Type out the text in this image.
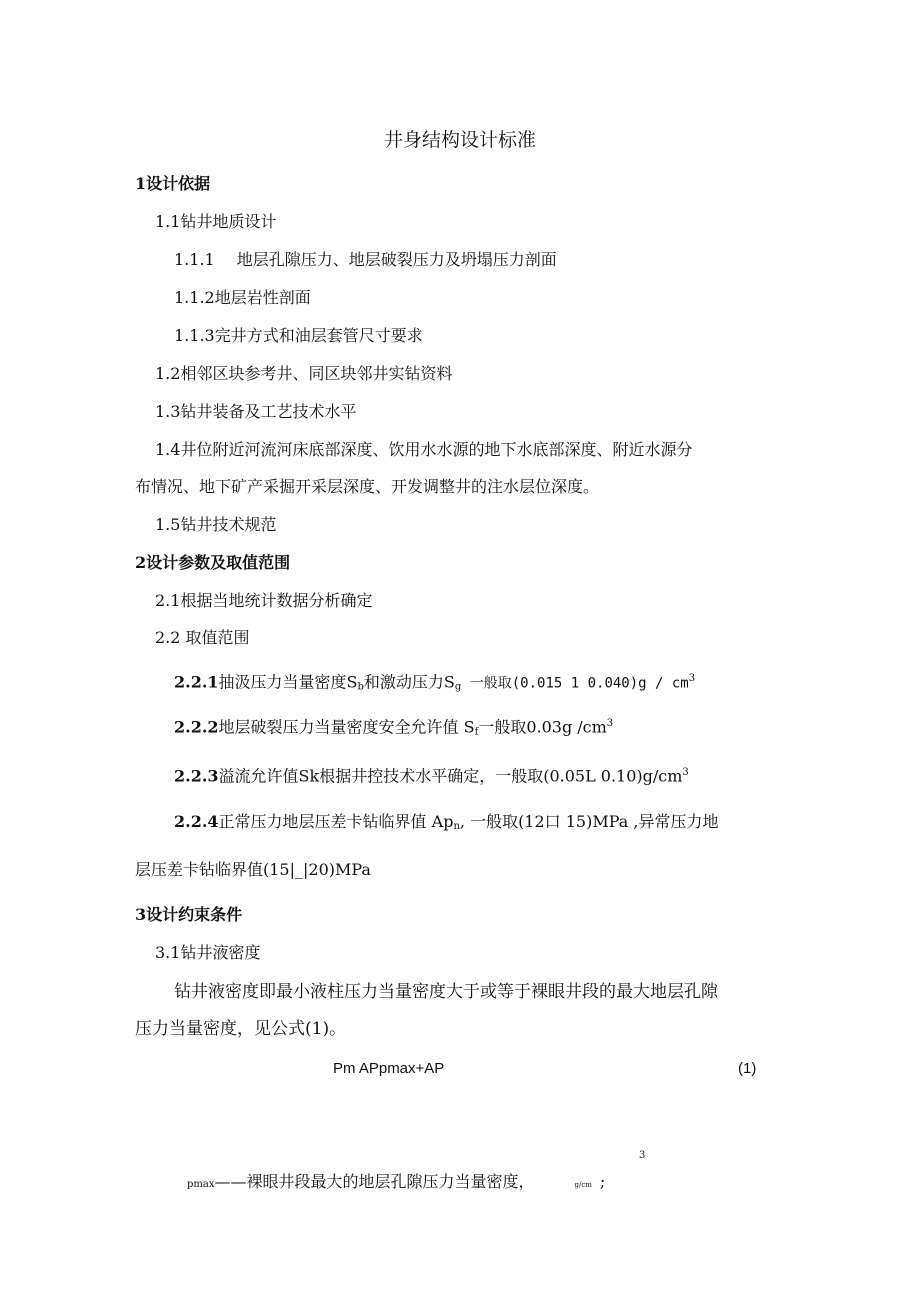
井身结构设计标准
1设计依据
1.1钻井地质设计
1.1.1 地层孔隙压力、地层破裂压力及坍塌压力剖面
1.1.2地层岩性剖面
1.1.3完井方式和油层套管尺寸要求
1.2相邻区块参考井、同区块邻井实钻资料
1.3钻井装备及工艺技术水平
1.4井位附近河流河床底部深度、饮用水水源的地下水底部深度、附近水源分
布情况、地下矿产采掘开采层深度、开发调整井的注水层位深度。
1.5钻井技术规范
2设计参数及取值范围
2.1根据当地统计数据分析确定
2.2 取值范围
2.2.1抽汲压力当量密度Sb和激动压力Sg 一般取(0.015 1 $0.040)g / cm^3$
2.2.2地层破裂压力当量密度安全允许值 Sf一般取0.03g $/cm^3$
2.2.3溢流允许值Sk根据井控技术水平确定，一般取(0.05L $0.10)g/cm^3$
2.2.4正常压力地层压差卡钻临界值 Apn, 一般取(12口 15)MPa ,异常压力地
层压差卡钻临界值(15|_|20)MPa
3设计约束条件
3.1钻井液密度
钻井液密度即最小液柱压力当量密度大于或等于裸眼井段的最大地层孔隙
压力当量密度，见公式(1)。
Pm APpmax+AP	(1)
3
pmax——裸眼井段最大的地层孔隙压力当量密度，	g/cm ;
